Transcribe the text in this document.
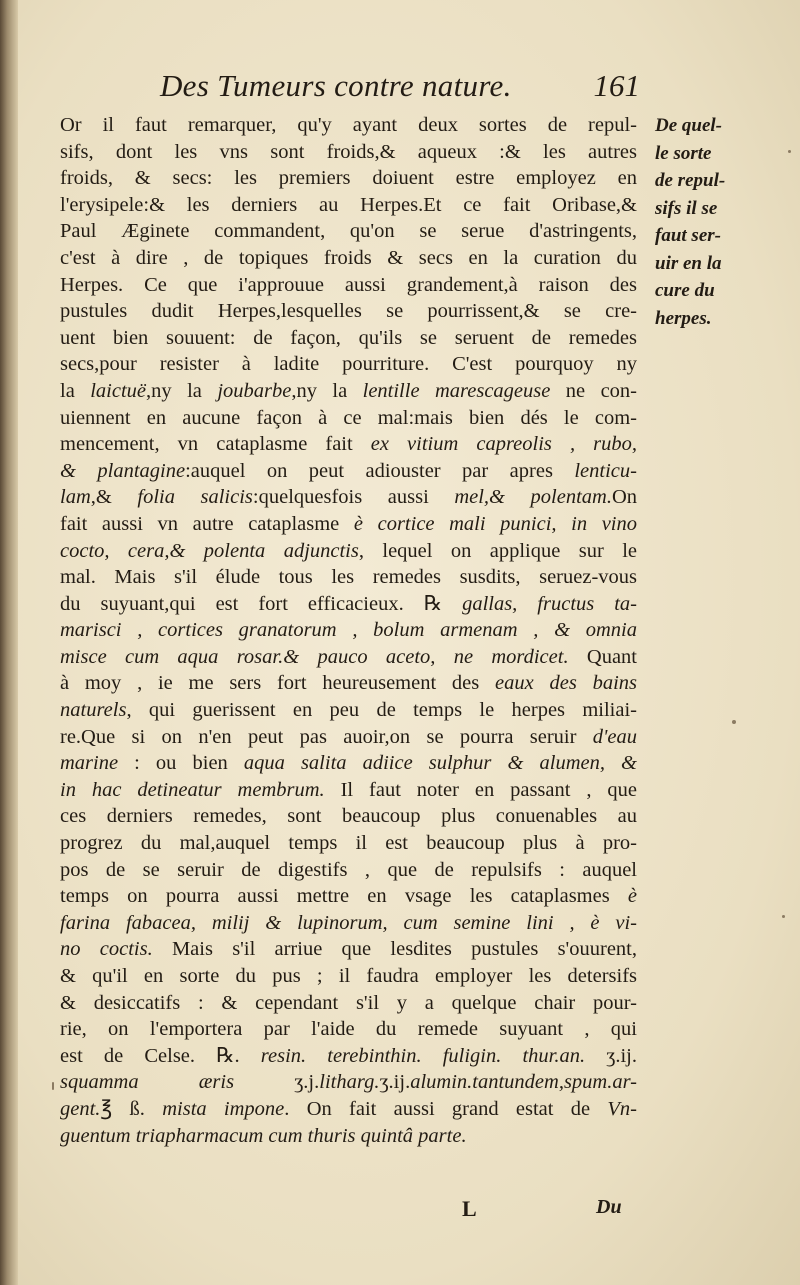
Des Tumeurs contre nature.	161
Or il faut remarquer, qu'y ayant deux sortes de repul-
sifs, dont les vns sont froids,& aqueux :& les autres
froids, & secs: les premiers doiuent estre employez en
l'erysipele:& les derniers au Herpes.Et ce fait Oribase,&
Paul Æginete commandent, qu'on se serue d'astringents,
c'est à dire , de topiques froids & secs en la curation du
Herpes. Ce que i'approuue aussi grandement,à raison des
pustules dudit Herpes,lesquelles se pourrissent,& se cre-
uent bien souuent: de façon, qu'ils se seruent de remedes
secs,pour resister à ladite pourriture. C'est pourquoy ny
la laictuë,ny la joubarbe,ny la lentille marescageuse ne con-
uiennent en aucune façon à ce mal:mais bien dés le com-
mencement, vn cataplasme fait ex vitium capreolis , rubo,
& plantagine:auquel on peut adiouster par apres lenticu-
lam,& folia salicis:quelquesfois aussi mel,& polentam.On
fait aussi vn autre cataplasme è cortice mali punici, in vino
cocto, cera,& polenta adjunctis, lequel on applique sur le
mal. Mais s'il élude tous les remedes susdits, seruez-vous
du suyuant,qui est fort efficacieux. ℞ gallas, fructus ta-
marisci , cortices granatorum , bolum armenam , & omnia
misce cum aqua rosar.& pauco aceto, ne mordicet. Quant
à moy , ie me sers fort heureusement des eaux des bains
naturels, qui guerissent en peu de temps le herpes miliai-
re.Que si on n'en peut pas auoir,on se pourra seruir d'eau
marine : ou bien aqua salita adiice sulphur & alumen, &
in hac detineatur membrum. Il faut noter en passant , que
ces derniers remedes, sont beaucoup plus conuenables au
progrez du mal,auquel temps il est beaucoup plus à pro-
pos de se seruir de digestifs , que de repulsifs : auquel
temps on pourra aussi mettre en vsage les cataplasmes è
farina fabacea, milij & lupinorum, cum semine lini , è vi-
no coctis. Mais s'il arriue que lesdites pustules s'ouurent,
& qu'il en sorte du pus ; il faudra employer les detersifs
& desiccatifs : & cependant s'il y a quelque chair pour-
rie, on l'emportera par l'aide du remede suyuant , qui
est de Celse. ℞. resin. terebinthin. fuligin. thur.an. ʒ.ij.
squamma æris ʒ.j.litharg.ʒ.ij.alumin.tantundem,spum.ar-
gent.℥ ß. mista impone. On fait aussi grand estat de Vn-
guentum triapharmacum cum thuris quintâ parte.
De quel-
le sorte
de repul-
sifs il se
faut ser-
uir en la
cure du
herpes.
L	Du
